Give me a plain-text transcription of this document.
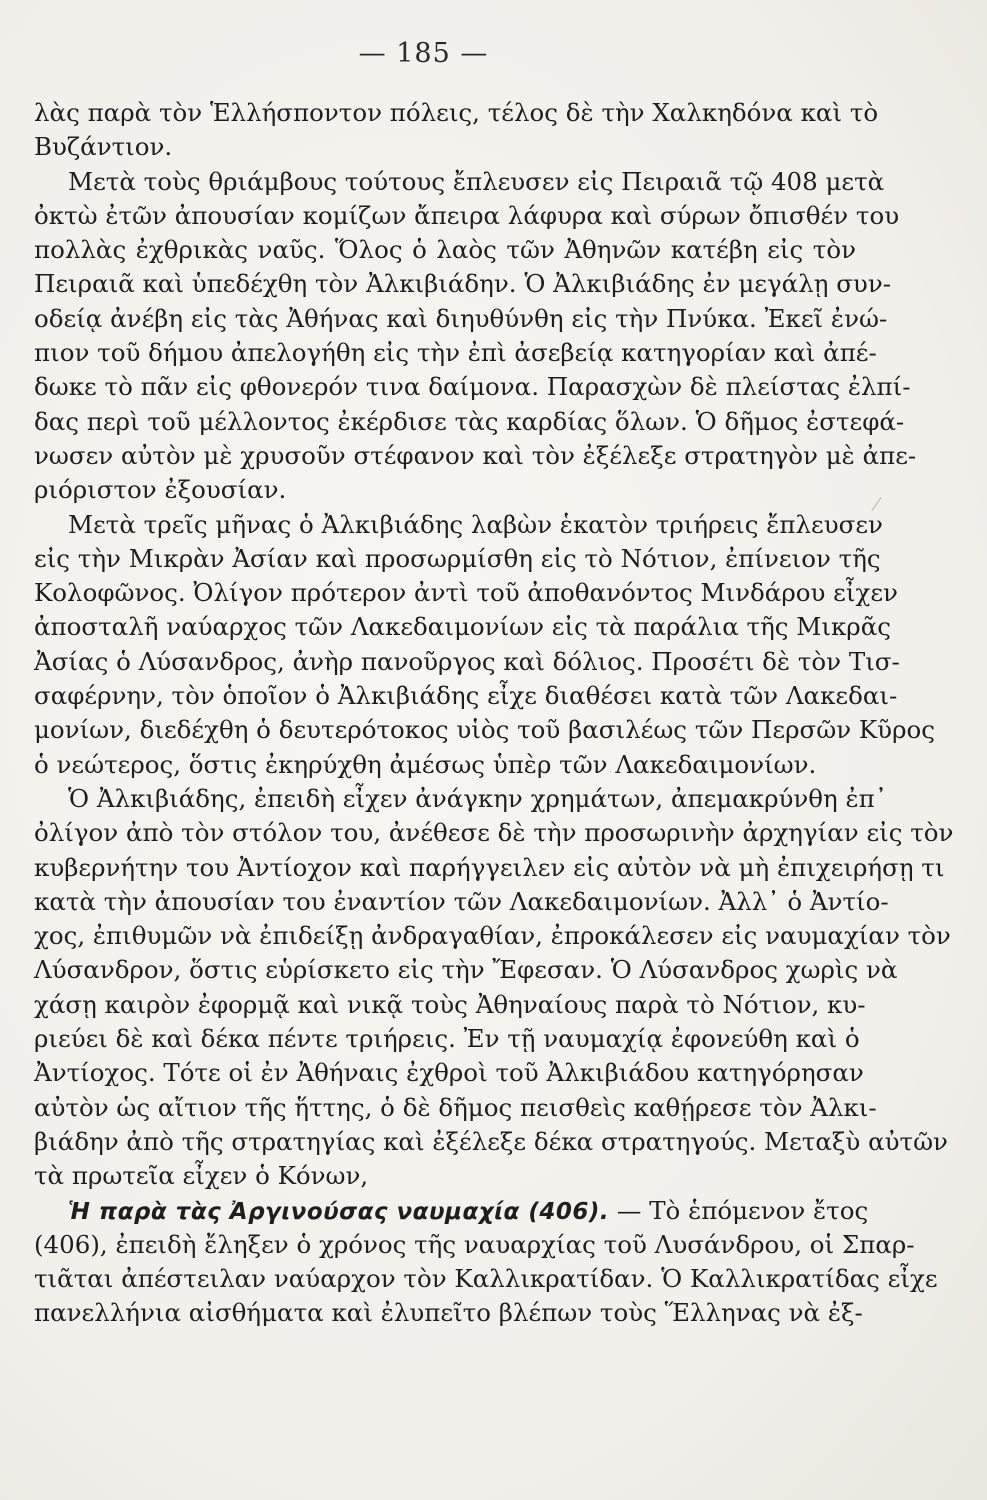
— 185 —
λὰς παρὰ τὸν Ἑλλήσποντον πόλεις, τέλος δὲ τὴν Χαλκηδόνα καὶ τὸ
Βυζάντιον.
Μετὰ τοὺς θριάμβους τούτους ἔπλευσεν εἰς Πειραιᾶ τῷ 408 μετὰ
ὀκτὼ ἐτῶν ἀπουσίαν κομίζων ἄπειρα λάφυρα καὶ σύρων ὄπισθέν του
πολλὰς ἐχθρικὰς ναῦς. Ὅλος ὁ λαὸς τῶν Ἀθηνῶν κατέβη εἰς τὸν
Πειραιᾶ καὶ ὑπεδέχθη τὸν Ἀλκιβιάδην. Ὁ Ἀλκιβιάδης ἐν μεγάλῃ συν-
οδείᾳ ἀνέβη εἰς τὰς Ἀθήνας καὶ διηυθύνθη εἰς τὴν Πνύκα. Ἐκεῖ ἐνώ-
πιον τοῦ δήμου ἀπελογήθη εἰς τὴν ἐπὶ ἀσεβείᾳ κατηγορίαν καὶ ἀπέ-
δωκε τὸ πᾶν εἰς φθονερόν τινα δαίμονα. Παρασχὼν δὲ πλείστας ἐλπί-
δας περὶ τοῦ μέλλοντος ἐκέρδισε τὰς καρδίας ὅλων. Ὁ δῆμος ἐστεφά-
νωσεν αὐτὸν μὲ χρυσοῦν στέφανον καὶ τὸν ἐξέλεξε στρατηγὸν μὲ ἀπε-
ριόριστον ἐξουσίαν.
Μετὰ τρεῖς μῆνας ὁ Ἀλκιβιάδης λαβὼν ἑκατὸν τριήρεις ἔπλευσεν
εἰς τὴν Μικρὰν Ἀσίαν καὶ προσωρμίσθη εἰς τὸ Νότιον, ἐπίνειον τῆς
Κολοφῶνος. Ὀλίγον πρότερον ἀντὶ τοῦ ἀποθανόντος Μινδάρου εἶχεν
ἀποσταλῆ ναύαρχος τῶν Λακεδαιμονίων εἰς τὰ παράλια τῆς Μικρᾶς
Ἀσίας ὁ Λύσανδρος, ἀνὴρ πανοῦργος καὶ δόλιος. Προσέτι δὲ τὸν Τισ-
σαφέρνην, τὸν ὁποῖον ὁ Ἀλκιβιάδης εἶχε διαθέσει κατὰ τῶν Λακεδαι-
μονίων, διεδέχθη ὁ δευτερότοκος υἱὸς τοῦ βασιλέως τῶν Περσῶν Κῦρος
ὁ νεώτερος, ὅστις ἐκηρύχθη ἀμέσως ὑπὲρ τῶν Λακεδαιμονίων.
Ὁ Ἀλκιβιάδης, ἐπειδὴ εἶχεν ἀνάγκην χρημάτων, ἀπεμακρύνθη ἐπ᾽
ὀλίγον ἀπὸ τὸν στόλον του, ἀνέθεσε δὲ τὴν προσωρινὴν ἀρχηγίαν εἰς τὸν
κυβερνήτην του Ἀντίοχον καὶ παρήγγειλεν εἰς αὐτὸν νὰ μὴ ἐπιχειρήσῃ τι
κατὰ τὴν ἀπουσίαν του ἐναντίον τῶν Λακεδαιμονίων. Ἀλλ᾽ ὁ Ἀντίο-
χος, ἐπιθυμῶν νὰ ἐπιδείξῃ ἀνδραγαθίαν, ἐπροκάλεσεν εἰς ναυμαχίαν τὸν
Λύσανδρον, ὅστις εὑρίσκετο εἰς τὴν Ἔφεσαν. Ὁ Λύσανδρος χωρὶς νὰ
χάσῃ καιρὸν ἐφορμᾷ καὶ νικᾷ τοὺς Ἀθηναίους παρὰ τὸ Νότιον, κυ-
ριεύει δὲ καὶ δέκα πέντε τριήρεις. Ἐν τῇ ναυμαχίᾳ ἐφονεύθη καὶ ὁ
Ἀντίοχος. Τότε οἱ ἐν Ἀθήναις ἐχθροὶ τοῦ Ἀλκιβιάδου κατηγόρησαν
αὐτὸν ὡς αἴτιον τῆς ἥττης, ὁ δὲ δῆμος πεισθεὶς καθῄρεσε τὸν Ἀλκι-
βιάδην ἀπὸ τῆς στρατηγίας καὶ ἐξέλεξε δέκα στρατηγούς. Μεταξὺ αὐτῶν
τὰ πρωτεῖα εἶχεν ὁ Κόνων,
Ἡ παρὰ τὰς Ἀργινούσας ναυμαχία (406). — Τὸ ἑπόμενον ἔτος
(406), ἐπειδὴ ἔληξεν ὁ χρόνος τῆς ναυαρχίας τοῦ Λυσάνδρου, οἱ Σπαρ-
τιᾶται ἀπέστειλαν ναύαρχον τὸν Καλλικρατίδαν. Ὁ Καλλικρατίδας εἶχε
πανελλήνια αἰσθήματα καὶ ἐλυπεῖτο βλέπων τοὺς Ἕλληνας νὰ ἐξ-
